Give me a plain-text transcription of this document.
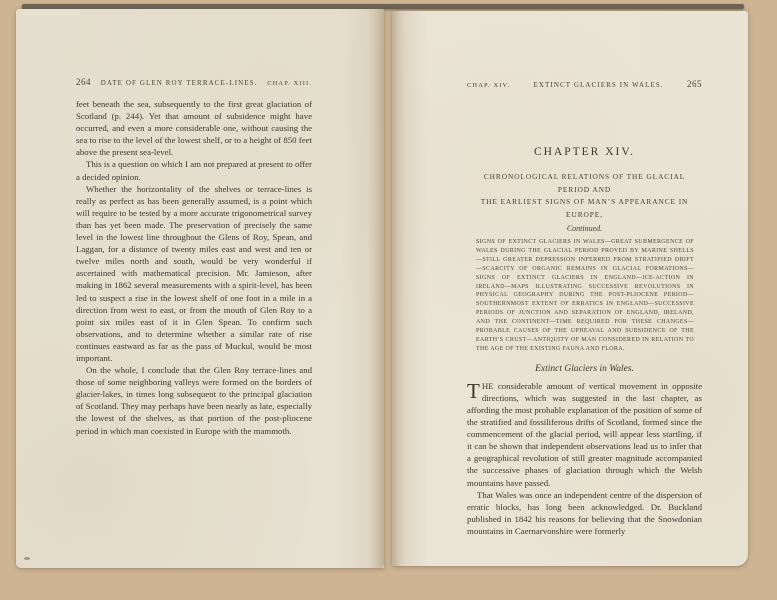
264 DATE OF GLEN ROY TERRACE-LINES. CHAP. XIII.

feet beneath the sea, subsequently to the first great glaciation of Scotland (p. 244). Yet that amount of subsidence might have occurred, and even a more considerable one, without causing the sea to rise to the level of the lowest shelf, or to a height of 850 feet above the present sea-level.

This is a question on which I am not prepared at present to offer a decided opinion.

Whether the horizontality of the shelves or terrace-lines is really as perfect as has been generally assumed, is a point which will require to be tested by a more accurate trigonometrical survey than has yet been made. The preservation of precisely the same level in the lowest line throughout the Glens of Roy, Spean, and Laggan, for a distance of twenty miles east and west and ten or twelve miles north and south, would be very wonderful if ascertained with mathematical precision. Mr. Jamieson, after making in 1862 several measurements with a spirit-level, has been led to suspect a rise in the lowest shelf of one foot in a mile in a direction from west to east, or from the mouth of Glen Roy to a point six miles east of it in Glen Spean. To confirm such observations, and to determine whether a similar rate of rise continues eastward as far as the pass of Muckul, would be most important.

On the whole, I conclude that the Glen Roy terrace-lines and those of some neighboring valleys were formed on the borders of glacier-lakes, in times long subsequent to the principal glaciation of Scotland. They may perhaps have been nearly as late, especially the lowest of the shelves, as that portion of the post-pliocene period in which man coexisted in Europe with the mammoth.

CHAP. XIV.	EXTINCT GLACIERS IN WALES.	265
CHAPTER XIV.
CHRONOLOGICAL RELATIONS OF THE GLACIAL PERIOD AND
THE EARLIEST SIGNS OF MAN’S APPEARANCE IN EUROPE,
Continued.
SIGNS OF EXTINCT GLACIERS IN WALES—GREAT SUBMERGENCE OF WALES DURING THE GLACIAL PERIOD PROVED BY MARINE SHELLS —STILL GREATER DEPRESSION INFERRED FROM STRATIFIED DRIFT —SCARCITY OF ORGANIC REMAINS IN GLACIAL FORMATIONS—SIGNS OF EXTINCT GLACIERS IN ENGLAND—ICE-ACTION IN IRELAND—MAPS ILLUSTRATING SUCCESSIVE REVOLUTIONS IN PHYSICAL GEOGRAPHY DURING THE POST-PLIOCENE PERIOD—SOUTHERNMOST EXTENT OF ERRATICS IN ENGLAND—SUCCESSIVE PERIODS OF JUNCTION AND SEPARATION OF ENGLAND, IRELAND, AND THE CONTINENT—TIME REQUIRED FOR THESE CHANGES—PROBABLE CAUSES OF THE UPHEAVAL AND SUBSIDENCE OF THE EARTH’S CRUST—ANTIQUITY OF MAN CONSIDERED IN RELATION TO THE AGE OF THE EXISTING FAUNA AND FLORA.
Extinct Glaciers in Wales.

THE considerable amount of vertical movement in opposite directions, which was suggested in the last chapter, as affording the most probable explanation of the position of some of the stratified and fossiliferous drifts of Scotland, formed since the commencement of the glacial period, will appear less startling, if it can be shown that independent observations lead us to infer that a geographical revolution of still greater magnitude accompanied the successive phases of glaciation through which the Welsh mountains have passed.

That Wales was once an independent centre of the dispersion of erratic blocks, has long been acknowledged. Dr. Buckland published in 1842 his reasons for believing that the Snowdonian mountains in Caernarvonshire were formerly
